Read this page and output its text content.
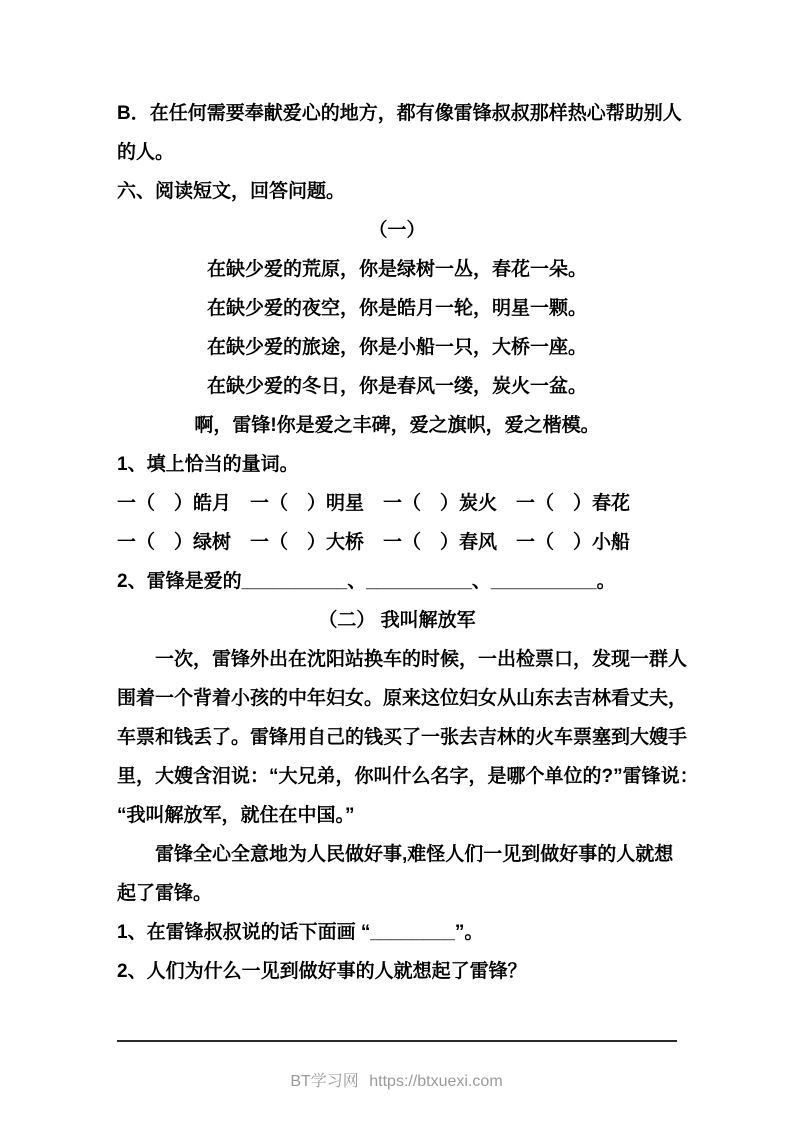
B．在任何需要奉献爱心的地方，都有像雷锋叔叔那样热心帮助别人
的人。
六、阅读短文，回答问题。
（一）
在缺少爱的荒原，你是绿树一丛，春花一朵。
在缺少爱的夜空，你是皓月一轮，明星一颗。
在缺少爱的旅途，你是小船一只，大桥一座。
在缺少爱的冬日，你是春风一缕，炭火一盆。
啊，雷锋!你是爱之丰碑，爱之旗帜，爱之楷模。
1、填上恰当的量词。
一（　）皓月　一（　）明星　一（　）炭火　一（　）春花
一（　）绿树　一（　）大桥　一（　）春风　一（　）小船
2、雷锋是爱的__________、__________、__________。
（二） 我叫解放军
一次，雷锋外出在沈阳站换车的时候，一出检票口，发现一群人
围着一个背着小孩的中年妇女。原来这位妇女从山东去吉林看丈夫，
车票和钱丢了。雷锋用自己的钱买了一张去吉林的火车票塞到大嫂手
里，大嫂含泪说：“大兄弟，你叫什么名字，是哪个单位的?”雷锋说：
“我叫解放军，就住在中国。”
雷锋全心全意地为人民做好事,难怪人们一见到做好事的人就想
起了雷锋。
1、在雷锋叔叔说的话下面画 “________”。
2、人们为什么一见到做好事的人就想起了雷锋？
BT学习网 https://btxuexi.com
